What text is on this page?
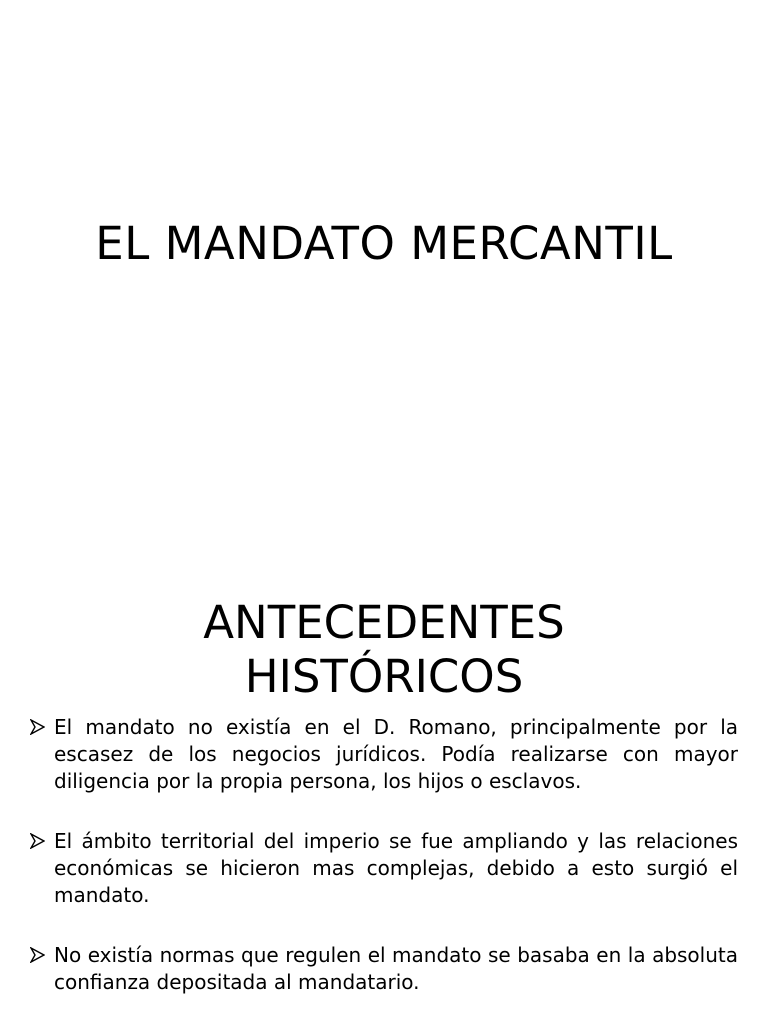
EL MANDATO MERCANTIL
ANTECEDENTES
HISTÓRICOS
El mandato no existía en el D. Romano, principalmente por la escasez de los negocios jurídicos. Podía realizarse con mayor diligencia por la propia persona, los hijos o esclavos.
El ámbito territorial del imperio se fue ampliando y las relaciones económicas se hicieron mas complejas, debido a esto surgió el mandato.
No existía normas que regulen el mandato se basaba en la absoluta confianza depositada al mandatario.
